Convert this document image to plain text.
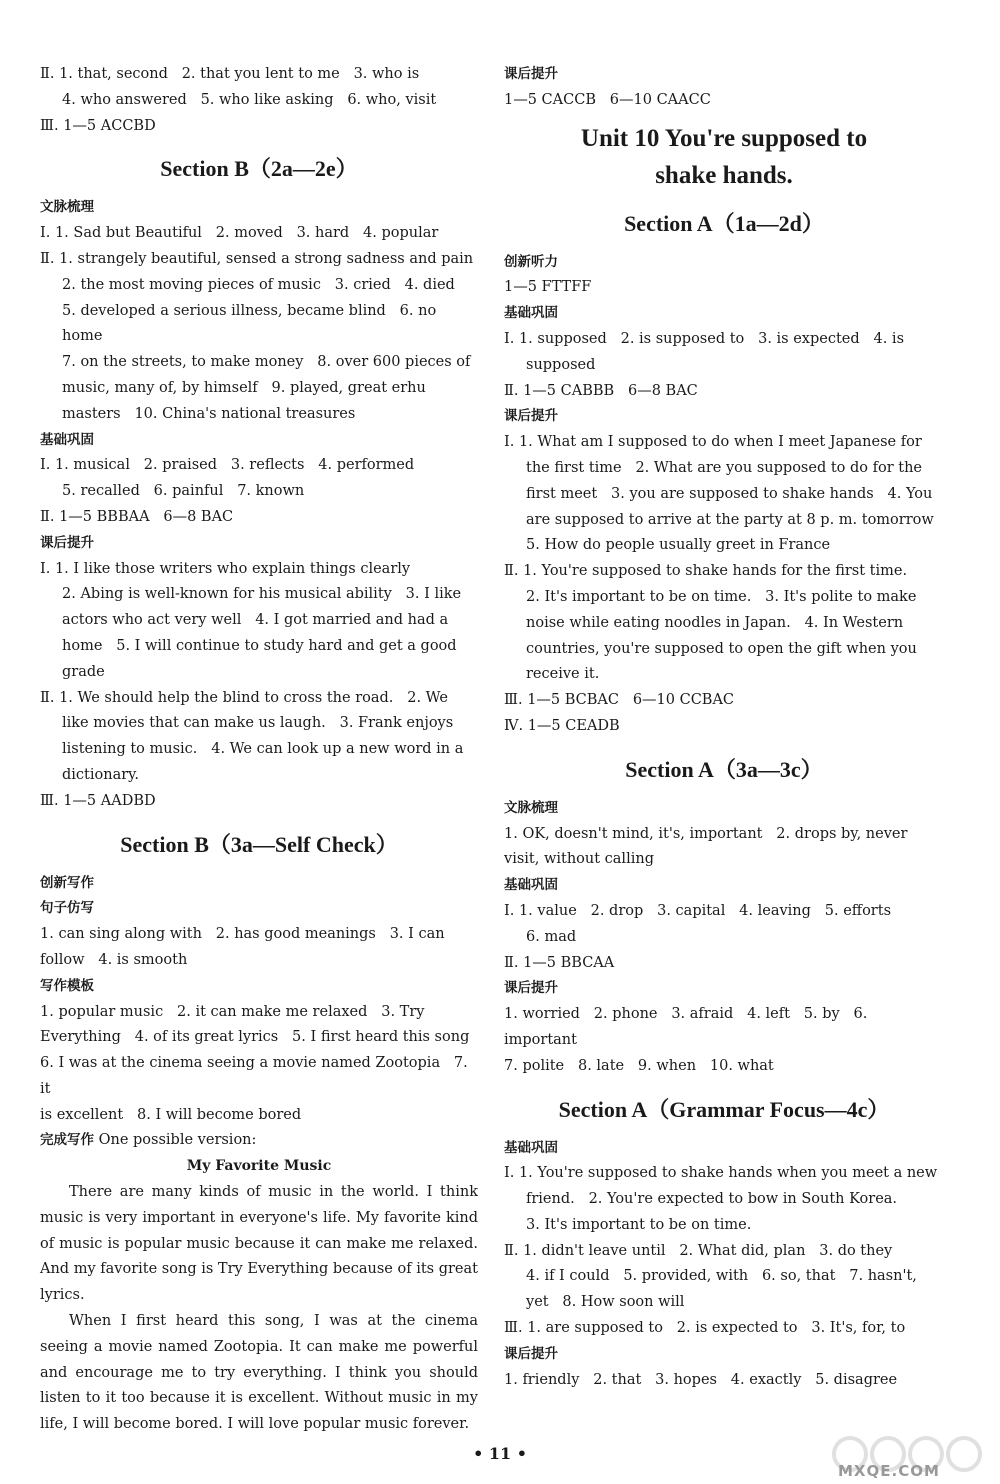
Ⅱ. 1. that, second   2. that you lent to me   3. who is
4. who answered   5. who like asking   6. who, visit
Ⅲ. 1—5 ACCBD
Section B（2a—2e）
文脉梳理
Ⅰ. 1. Sad but Beautiful   2. moved   3. hard   4. popular
Ⅱ. 1. strangely beautiful, sensed a strong sadness and pain
2. the most moving pieces of music   3. cried   4. died
5. developed a serious illness, became blind   6. no home
7. on the streets, to make money   8. over 600 pieces of
music, many of, by himself   9. played, great erhu
masters   10. China's national treasures
基础巩固
Ⅰ. 1. musical   2. praised   3. reflects   4. performed
5. recalled   6. painful   7. known
Ⅱ. 1—5 BBBAA   6—8 BAC
课后提升
Ⅰ. 1. I like those writers who explain things clearly
2. Abing is well-known for his musical ability   3. I like
actors who act very well   4. I got married and had a
home   5. I will continue to study hard and get a good
grade
Ⅱ. 1. We should help the blind to cross the road.   2. We
like movies that can make us laugh.   3. Frank enjoys
listening to music.   4. We can look up a new word in a
dictionary.
Ⅲ. 1—5 AADBD
Section B（3a—Self Check）
创新写作
句子仿写
1. can sing along with   2. has good meanings   3. I can
follow   4. is smooth
写作模板
1. popular music   2. it can make me relaxed   3. Try
Everything   4. of its great lyrics   5. I first heard this song
6. I was at the cinema seeing a movie named Zootopia   7. it
is excellent   8. I will become bored
完成写作 One possible version:
My Favorite Music
There are many kinds of music in the world. I think music is very important in everyone's life. My favorite kind of music is popular music because it can make me relaxed. And my favorite song is Try Everything because of its great lyrics.
When I first heard this song, I was at the cinema seeing a movie named Zootopia. It can make me powerful and encourage me to try everything. I think you should listen to it too because it is excellent. Without music in my life, I will become bored. I will love popular music forever.
课后提升
1—5 CACCB   6—10 CAACC
Unit 10 You're supposed to
shake hands.
Section A（1a—2d）
创新听力
1—5 FTTFF
基础巩固
Ⅰ. 1. supposed   2. is supposed to   3. is expected   4. is
supposed
Ⅱ. 1—5 CABBB   6—8 BAC
课后提升
Ⅰ. 1. What am I supposed to do when I meet Japanese for
the first time   2. What are you supposed to do for the
first meet   3. you are supposed to shake hands   4. You
are supposed to arrive at the party at 8 p. m. tomorrow
5. How do people usually greet in France
Ⅱ. 1. You're supposed to shake hands for the first time.
2. It's important to be on time.   3. It's polite to make
noise while eating noodles in Japan.   4. In Western
countries, you're supposed to open the gift when you
receive it.
Ⅲ. 1—5 BCBAC   6—10 CCBAC
Ⅳ. 1—5 CEADB
Section A（3a—3c）
文脉梳理
1. OK, doesn't mind, it's, important   2. drops by, never
visit, without calling
基础巩固
Ⅰ. 1. value   2. drop   3. capital   4. leaving   5. efforts
6. mad
Ⅱ. 1—5 BBCAA
课后提升
1. worried   2. phone   3. afraid   4. left   5. by   6. important
7. polite   8. late   9. when   10. what
Section A（Grammar Focus—4c）
基础巩固
Ⅰ. 1. You're supposed to shake hands when you meet a new
friend.   2. You're expected to bow in South Korea.
3. It's important to be on time.
Ⅱ. 1. didn't leave until   2. What did, plan   3. do they
4. if I could   5. provided, with   6. so, that   7. hasn't,
yet   8. How soon will
Ⅲ. 1. are supposed to   2. is expected to   3. It's, for, to
课后提升
1. friendly   2. that   3. hopes   4. exactly   5. disagree
• 11 •
MXQE.COM
